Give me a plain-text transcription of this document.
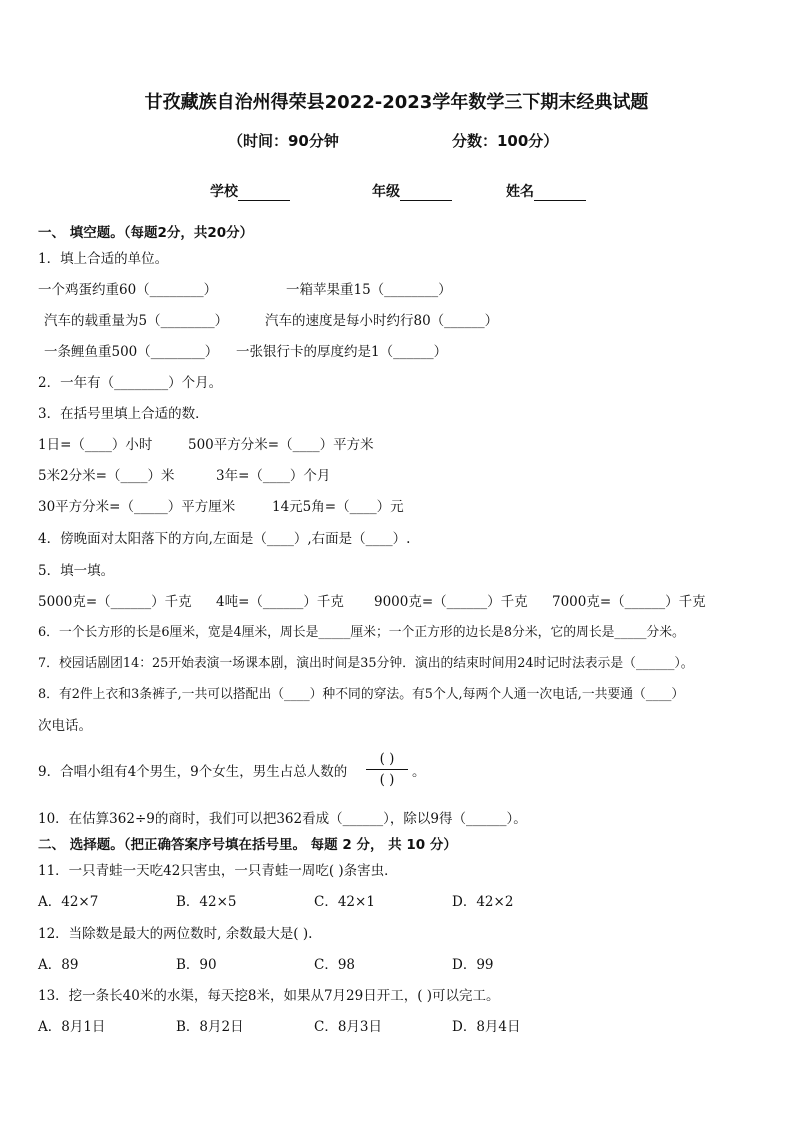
甘孜藏族自治州得荣县2022-2023学年数学三下期末经典试题
（时间：90分钟	分数：100分）
学校	年级	姓名
一、 填空题。（每题2分，共20分）
1．填上合适的单位。
一个鸡蛋约重60（________）	一箱苹果重15（________）
汽车的载重量为5（________）	汽车的速度是每小时约行80（______）
一条鲤鱼重500（________） 一张银行卡的厚度约是1（______）
2．一年有（________）个月。
3．在括号里填上合适的数．
1日=（____）小时	500平方分米=（____）平方米
5米2分米=（____）米	3年=（____）个月
30平方分米=（_____）平方厘米	14元5角=（____）元
4．傍晚面对太阳落下的方向,左面是（____）,右面是（____）.
5．填一填。
5000克=（______）千克 4吨=（______）千克 9000克=（______）千克 7000克=（______）千克
6．一个长方形的长是6厘米，宽是4厘米，周长是_____厘米；一个正方形的边长是8分米，它的周长是_____分米。
7．校园话剧团14：25开始表演一场课本剧，演出时间是35分钟．演出的结束时间用24时记时法表示是（______）。
8．有2件上衣和3条裤子,一共可以搭配出（____）种不同的穿法。有5个人,每两个人通一次电话,一共要通（____）
次电话。
9．合唱小组有4个男生，9个女生，男生占总人数的
( )
( )	。
10．在估算362÷9的商时，我们可以把362看成（______），除以9得（______）。
二、 选择题。（把正确答案序号填在括号里。 每题 2 分， 共 10 分）
11．一只青蛙一天吃42只害虫，一只青蛙一周吃( )条害虫．
A．42×7	B．42×5	C．42×1	D．42×2
12．当除数是最大的两位数时, 余数最大是( ).
A．89	B．90	C．98	D．99
13．挖一条长40米的水渠，每天挖8米，如果从7月29日开工，( )可以完工。
A．8月1日	B．8月2日	C．8月3日	D．8月4日
